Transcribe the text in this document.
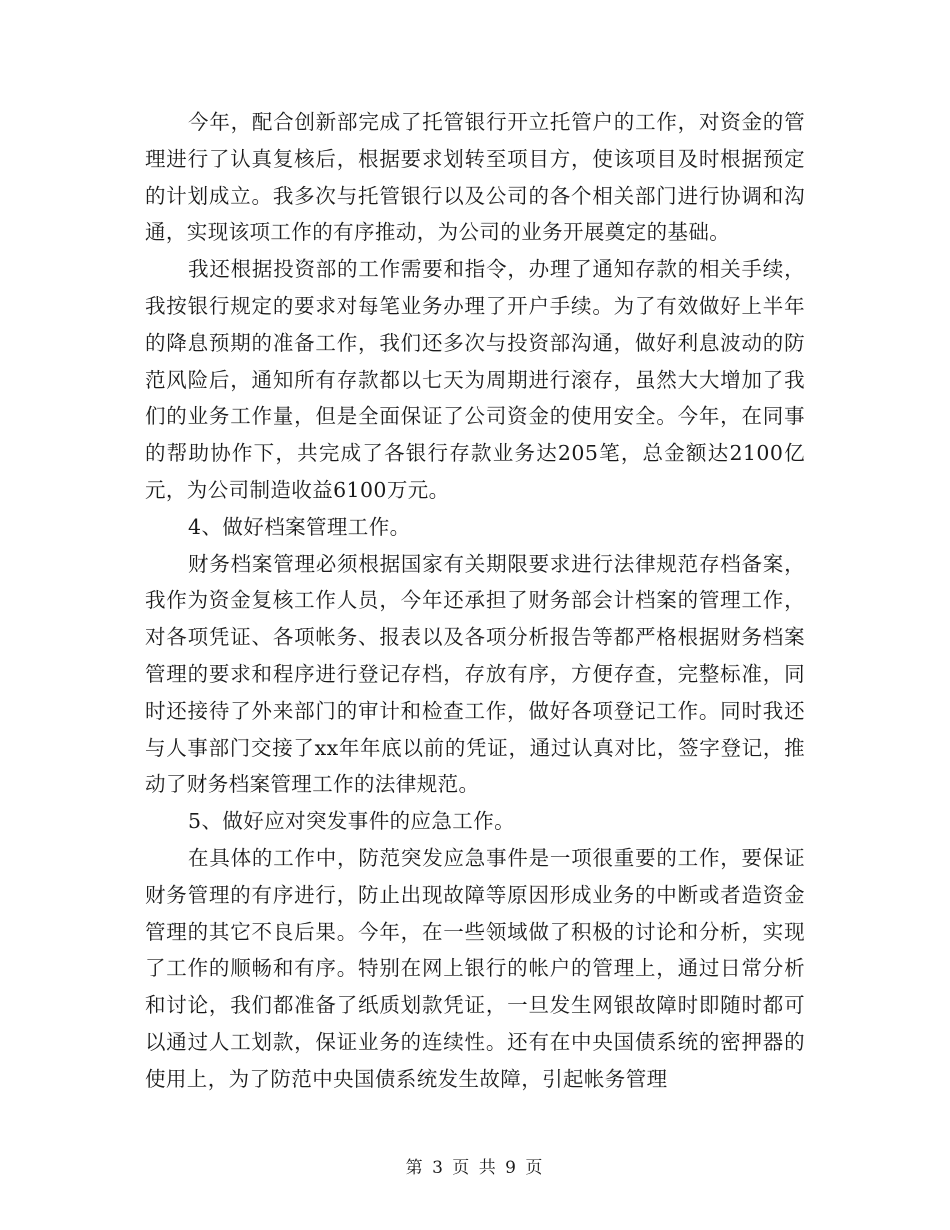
今年，配合创新部完成了托管银行开立托管户的工作，对资金的管理进行了认真复核后，根据要求划转至项目方，使该项目及时根据预定的计划成立。我多次与托管银行以及公司的各个相关部门进行协调和沟通，实现该项工作的有序推动，为公司的业务开展奠定的基础。

我还根据投资部的工作需要和指令，办理了通知存款的相关手续，我按银行规定的要求对每笔业务办理了开户手续。为了有效做好上半年的降息预期的准备工作，我们还多次与投资部沟通，做好利息波动的防范风险后，通知所有存款都以七天为周期进行滚存，虽然大大增加了我们的业务工作量，但是全面保证了公司资金的使用安全。今年，在同事的帮助协作下，共完成了各银行存款业务达205笔，总金额达2100亿元，为公司制造收益6100万元。

4、做好档案管理工作。

财务档案管理必须根据国家有关期限要求进行法律规范存档备案，我作为资金复核工作人员，今年还承担了财务部会计档案的管理工作，对各项凭证、各项帐务、报表以及各项分析报告等都严格根据财务档案管理的要求和程序进行登记存档，存放有序，方便存查，完整标准，同时还接待了外来部门的审计和检查工作，做好各项登记工作。同时我还与人事部门交接了xx年年底以前的凭证，通过认真对比，签字登记，推动了财务档案管理工作的法律规范。

5、做好应对突发事件的应急工作。

在具体的工作中，防范突发应急事件是一项很重要的工作，要保证财务管理的有序进行，防止出现故障等原因形成业务的中断或者造资金管理的其它不良后果。今年，在一些领域做了积极的讨论和分析，实现了工作的顺畅和有序。特别在网上银行的帐户的管理上，通过日常分析和讨论，我们都准备了纸质划款凭证，一旦发生网银故障时即随时都可以通过人工划款，保证业务的连续性。还有在中央国债系统的密押器的使用上，为了防范中央国债系统发生故障，引起帐务管理

第 3 页 共 9 页
